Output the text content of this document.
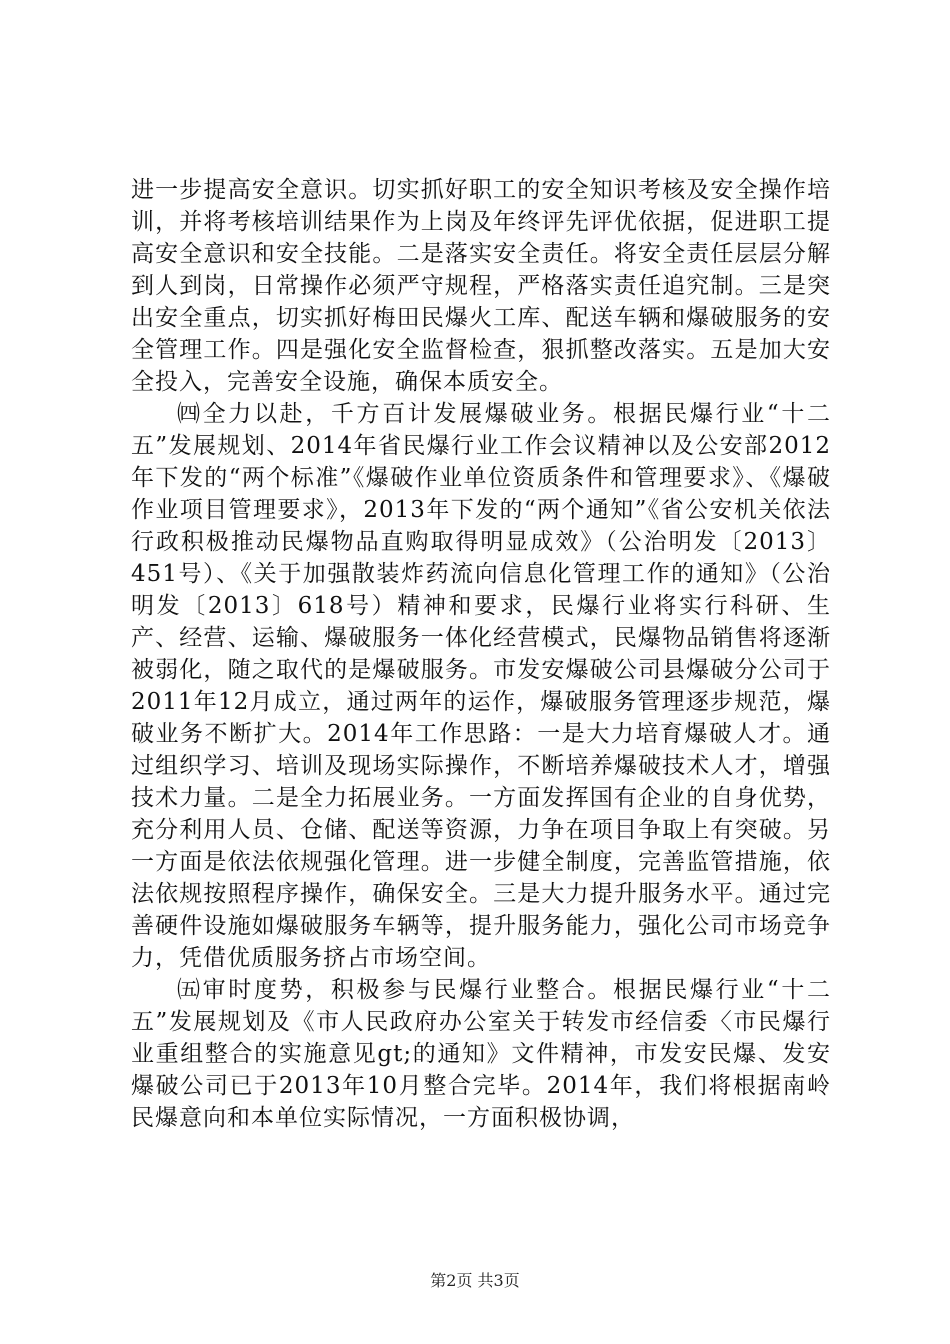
进一步提高安全意识。切实抓好职工的安全知识考核及安全操作培训，并将考核培训结果作为上岗及年终评先评优依据，促进职工提高安全意识和安全技能。二是落实安全责任。将安全责任层层分解到人到岗，日常操作必须严守规程，严格落实责任追究制。三是突出安全重点，切实抓好梅田民爆火工库、配送车辆和爆破服务的安全管理工作。四是强化安全监督检查，狠抓整改落实。五是加大安全投入，完善安全设施，确保本质安全。

㈣全力以赴，千方百计发展爆破业务。根据民爆行业“十二五”发展规划、2014年省民爆行业工作会议精神以及公安部2012年下发的“两个标准”《爆破作业单位资质条件和管理要求》、《爆破作业项目管理要求》，2013年下发的“两个通知”《省公安机关依法行政积极推动民爆物品直购取得明显成效》（公治明发〔2013〕451号）、《关于加强散装炸药流向信息化管理工作的通知》（公治明发〔2013〕618号）精神和要求，民爆行业将实行科研、生产、经营、运输、爆破服务一体化经营模式，民爆物品销售将逐渐被弱化，随之取代的是爆破服务。市发安爆破公司县爆破分公司于2011年12月成立，通过两年的运作，爆破服务管理逐步规范，爆破业务不断扩大。2014年工作思路：一是大力培育爆破人才。通过组织学习、培训及现场实际操作，不断培养爆破技术人才，增强技术力量。二是全力拓展业务。一方面发挥国有企业的自身优势，充分利用人员、仓储、配送等资源，力争在项目争取上有突破。另一方面是依法依规强化管理。进一步健全制度，完善监管措施，依法依规按照程序操作，确保安全。三是大力提升服务水平。通过完善硬件设施如爆破服务车辆等，提升服务能力，强化公司市场竞争力，凭借优质服务挤占市场空间。

㈤审时度势，积极参与民爆行业整合。根据民爆行业“十二五”发展规划及《市人民政府办公室关于转发市经信委〈市民爆行业重组整合的实施意见gt;的通知》文件精神，市发安民爆、发安爆破公司已于2013年10月整合完毕。2014年，我们将根据南岭民爆意向和本单位实际情况，一方面积极协调，

第2页 共3页
